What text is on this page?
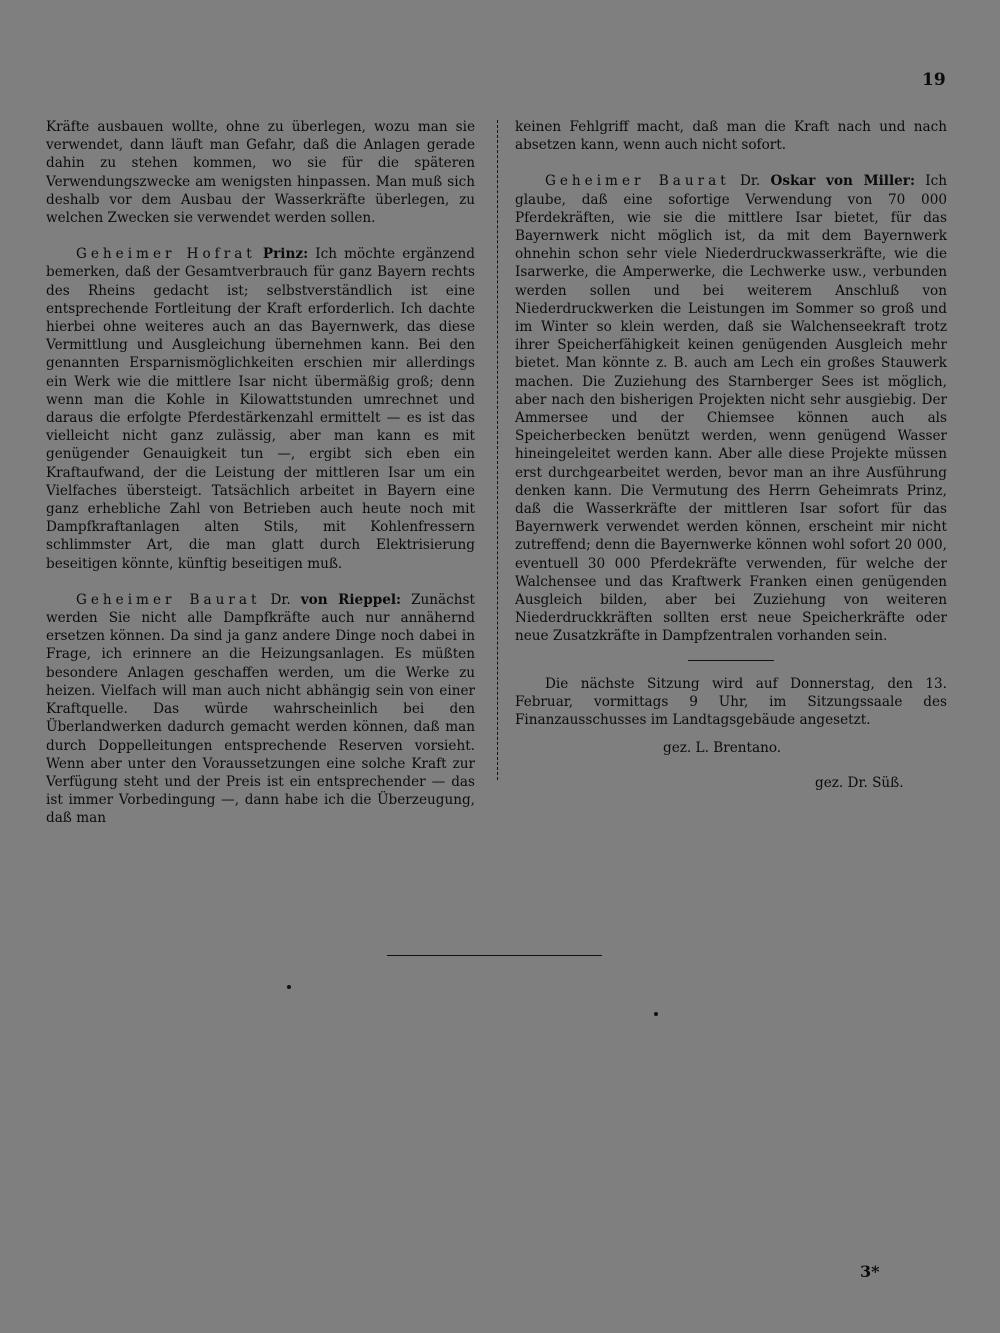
19

Kräfte ausbauen wollte, ohne zu überlegen, wozu man sie verwendet, dann läuft man Gefahr, daß die Anlagen gerade dahin zu stehen kommen, wo sie für die späteren Verwendungszwecke am wenigsten hinpassen. Man muß sich deshalb vor dem Ausbau der Wasserkräfte überlegen, zu welchen Zwecken sie verwendet werden sollen.

Geheimer Hofrat Prinz: Ich möchte ergänzend bemerken, daß der Gesamtverbrauch für ganz Bayern rechts des Rheins gedacht ist; selbstverständlich ist eine entsprechende Fortleitung der Kraft erforderlich. Ich dachte hierbei ohne weiteres auch an das Bayernwerk, das diese Vermittlung und Ausgleichung übernehmen kann. Bei den genannten Ersparnismöglichkeiten erschien mir allerdings ein Werk wie die mittlere Isar nicht übermäßig groß; denn wenn man die Kohle in Kilowattstunden umrechnet und daraus die erfolgte Pferdestärkenzahl ermittelt — es ist das vielleicht nicht ganz zulässig, aber man kann es mit genügender Genauigkeit tun —, ergibt sich eben ein Kraftaufwand, der die Leistung der mittleren Isar um ein Vielfaches übersteigt. Tatsächlich arbeitet in Bayern eine ganz erhebliche Zahl von Betrieben auch heute noch mit Dampfkraftanlagen alten Stils, mit Kohlenfressern schlimmster Art, die man glatt durch Elektrisierung beseitigen könnte, künftig beseitigen muß.

Geheimer Baurat Dr. von Rieppel: Zunächst werden Sie nicht alle Dampfkräfte auch nur annähernd ersetzen können. Da sind ja ganz andere Dinge noch dabei in Frage, ich erinnere an die Heizungsanlagen. Es müßten besondere Anlagen geschaffen werden, um die Werke zu heizen. Vielfach will man auch nicht abhängig sein von einer Kraftquelle. Das würde wahrscheinlich bei den Überlandwerken dadurch gemacht werden können, daß man durch Doppelleitungen entsprechende Reserven vorsieht. Wenn aber unter den Voraussetzungen eine solche Kraft zur Verfügung steht und der Preis ist ein entsprechender — das ist immer Vorbedingung —, dann habe ich die Überzeugung, daß man

keinen Fehlgriff macht, daß man die Kraft nach und nach absetzen kann, wenn auch nicht sofort.

Geheimer Baurat Dr. Oskar von Miller: Ich glaube, daß eine sofortige Verwendung von 70 000 Pferdekräften, wie sie die mittlere Isar bietet, für das Bayernwerk nicht möglich ist, da mit dem Bayernwerk ohnehin schon sehr viele Niederdruckwasserkräfte, wie die Isarwerke, die Amperwerke, die Lechwerke usw., verbunden werden sollen und bei weiterem Anschluß von Niederdruckwerken die Leistungen im Sommer so groß und im Winter so klein werden, daß sie Walchenseekraft trotz ihrer Speicherfähigkeit keinen genügenden Ausgleich mehr bietet. Man könnte z. B. auch am Lech ein großes Stauwerk machen. Die Zuziehung des Starnberger Sees ist möglich, aber nach den bisherigen Projekten nicht sehr ausgiebig. Der Ammersee und der Chiemsee können auch als Speicherbecken benützt werden, wenn genügend Wasser hineingeleitet werden kann. Aber alle diese Projekte müssen erst durchgearbeitet werden, bevor man an ihre Ausführung denken kann. Die Vermutung des Herrn Geheimrats Prinz, daß die Wasserkräfte der mittleren Isar sofort für das Bayernwerk verwendet werden können, erscheint mir nicht zutreffend; denn die Bayernwerke können wohl sofort 20 000, eventuell 30 000 Pferdekräfte verwenden, für welche der Walchensee und das Kraftwerk Franken einen genügenden Ausgleich bilden, aber bei Zuziehung von weiteren Niederdruckkräften sollten erst neue Speicherkräfte oder neue Zusatzkräfte in Dampfzentralen vorhanden sein.

Die nächste Sitzung wird auf Donnerstag, den 13. Februar, vormittags 9 Uhr, im Sitzungssaale des Finanzausschusses im Landtagsgebäude angesetzt.

gez. L. Brentano.

gez. Dr. Süß.

3*
